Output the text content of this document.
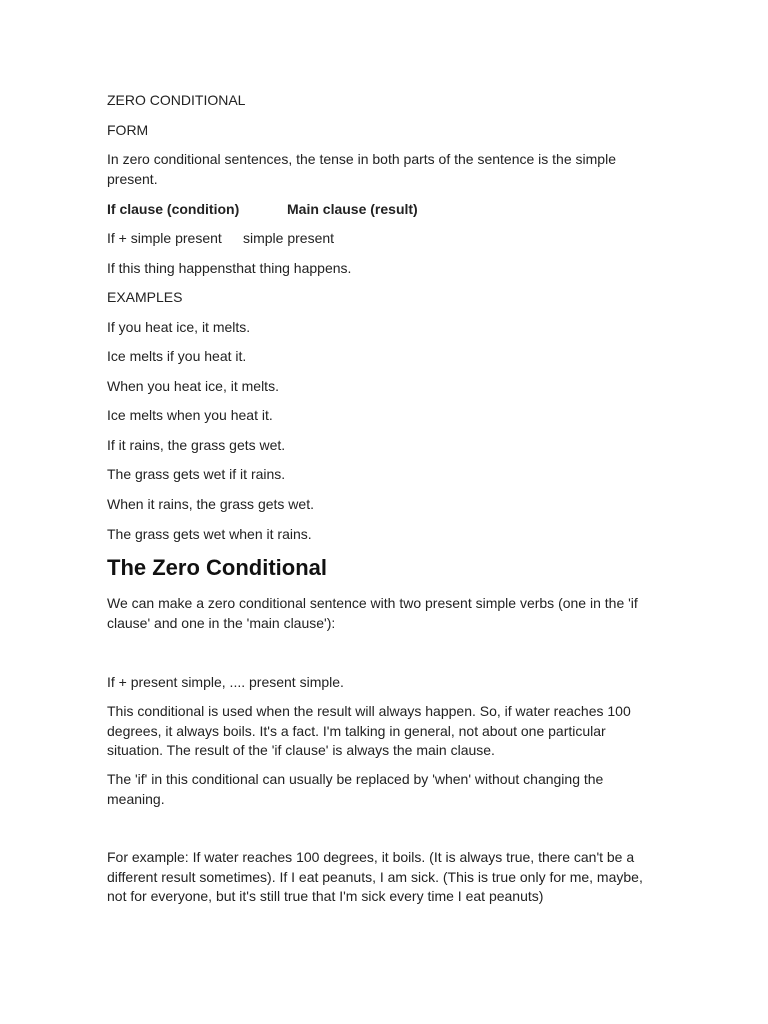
ZERO CONDITIONAL
FORM
In zero conditional sentences, the tense in both parts of the sentence is the simple present.
If clause (condition)	Main clause (result)
If + simple present simple present
If this thing happensthat thing happens.
EXAMPLES
If you heat ice, it melts.
Ice melts if you heat it.
When you heat ice, it melts.
Ice melts when you heat it.
If it rains, the grass gets wet.
The grass gets wet if it rains.
When it rains, the grass gets wet.
The grass gets wet when it rains.
The Zero Conditional
We can make a zero conditional sentence with two present simple verbs (one in the 'if clause' and one in the 'main clause'):
If + present simple, .... present simple.
This conditional is used when the result will always happen. So, if water reaches 100 degrees, it always boils. It's a fact. I'm talking in general, not about one particular situation. The result of the 'if clause' is always the main clause.
The 'if' in this conditional can usually be replaced by 'when' without changing the meaning.
For example: If water reaches 100 degrees, it boils. (It is always true, there can't be a different result sometimes). If I eat peanuts, I am sick. (This is true only for me, maybe, not for everyone, but it's still true that I'm sick every time I eat peanuts)
